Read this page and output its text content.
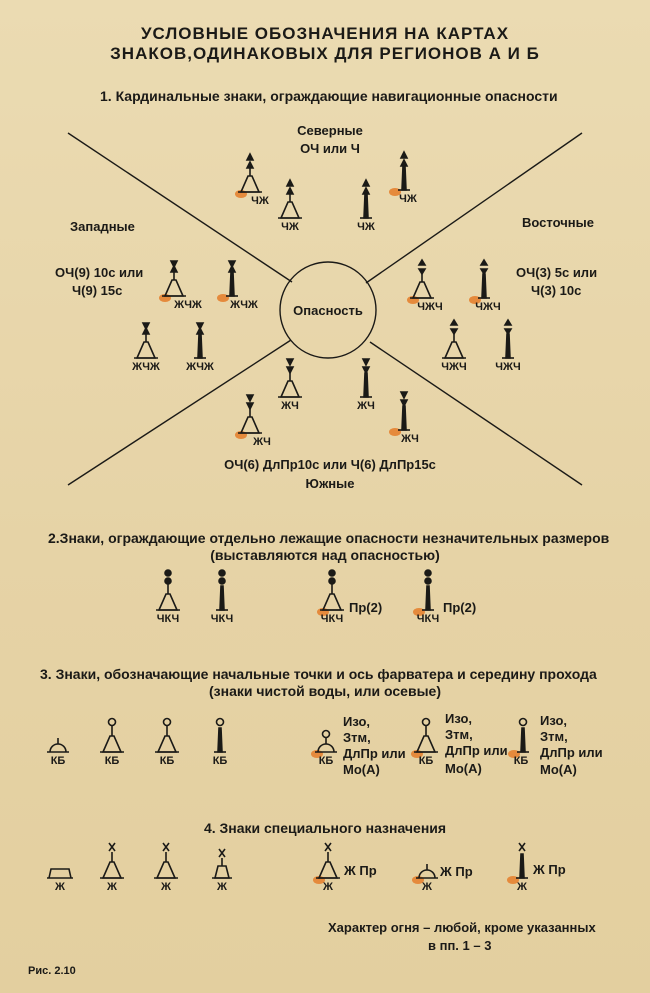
УСЛОВНЫЕ ОБОЗНАЧЕНИЯ НА КАРТАХ
ЗНАКОВ,ОДИНАКОВЫХ ДЛЯ РЕГИОНОВ А И Б
1. Кардинальные знаки, ограждающие навигационные опасности
Северные
ОЧ или Ч
Западные
ОЧ(9) 10с или
Ч(9) 15с
Восточные
ОЧ(3) 5с или
Ч(3) 10с
Опасность
ОЧ(6) ДлПр10с или Ч(6) ДлПр15с
Южные
ЧЖ
ЧЖ	ЧЖ
ЧЖ
ЖЧЖ	ЖЧЖ
ЖЧЖ	ЖЧЖ
ЧЖЧ	ЧЖЧ
ЧЖЧ	ЧЖЧ
ЖЧ	ЖЧ
ЖЧ	ЖЧ
2.Знаки, ограждающие отдельно лежащие опасности незначительных размеров
(выставляются над опасностью)
ЧКЧ	ЧКЧ	ЧКЧ	ЧКЧ
Пр(2)	Пр(2)
3. Знаки, обозначающие начальные точки и ось фарватера и середину прохода
(знаки чистой воды, или осевые)
КБ	КБ	КБ	КБ	КБ	КБ	КБ
Изо,
Зтм,
ДлПр или
Мо(А)
Изо,
Зтм,
ДлПр или
Мо(А)
Изо,
Зтм,
ДлПр или
Мо(А)
4. Знаки специального назначения
Ж	Ж	Ж	Ж	Ж	Ж	Ж
Ж Пр	Ж Пр	Ж Пр
Характер огня – любой, кроме указанных
в пп. 1 – 3
Рис. 2.10
